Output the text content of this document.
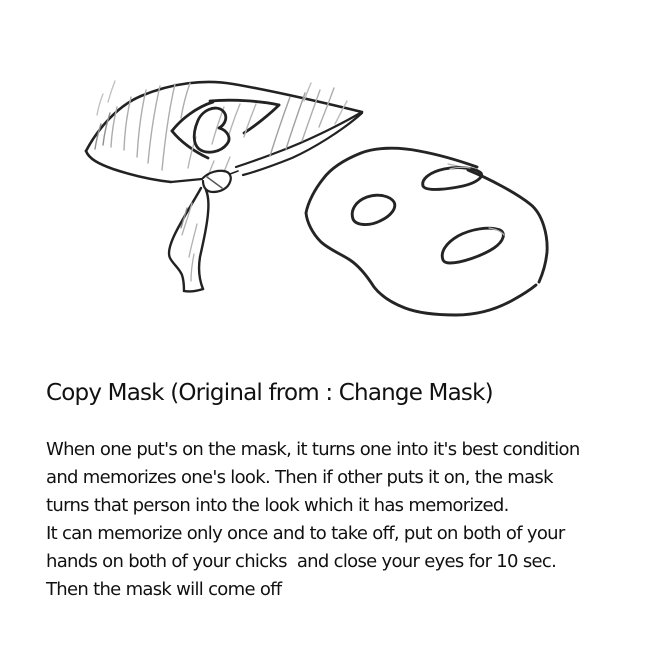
Copy Mask (Original from : Change Mask)
When one put's on the mask, it turns one into it's best condition
and memorizes one's look. Then if other puts it on, the mask
turns that person into the look which it has memorized.
It can memorize only once and to take off, put on both of your
hands on both of your chicks  and close your eyes for 10 sec.
Then the mask will come off
